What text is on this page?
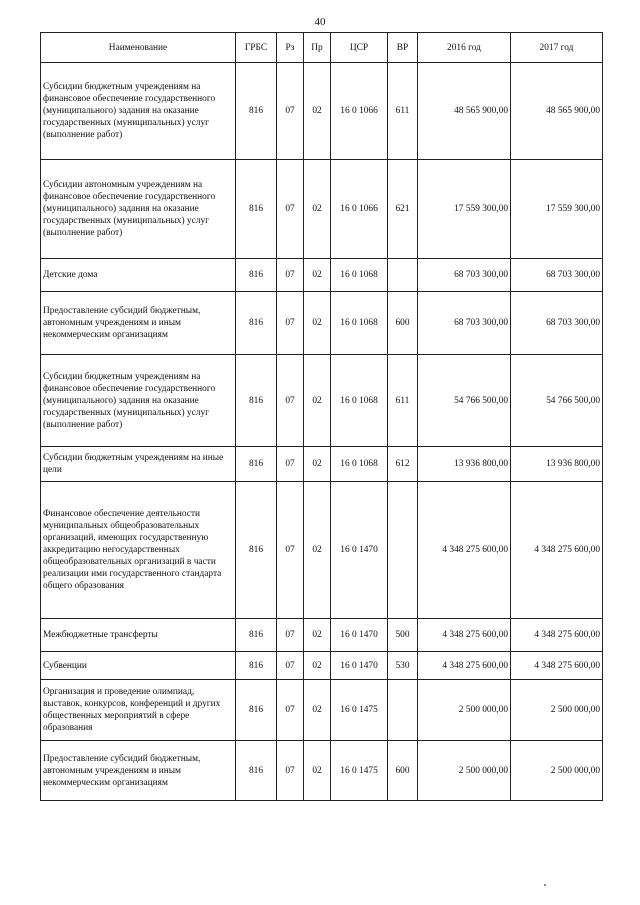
40
Наименование	ГРБС	Рз	Пр	ЦСР	ВР	2016 год	2017 год
Субсидии бюджетным учреждениям на финансовое обеспечение государственного (муниципального) задания на оказание государственных (муниципальных) услуг (выполнение работ)	816	07	02	16 0 1066	611	48 565 900,00	48 565 900,00
Субсидии автономным учреждениям на финансовое обеспечение государственного (муниципального) задания на оказание государственных (муниципальных) услуг (выполнение работ)	816	07	02	16 0 1066	621	17 559 300,00	17 559 300,00
Детские дома	816	07	02	16 0 1068		68 703 300,00	68 703 300,00
Предоставление субсидий бюджетным, автономным учреждениям и иным некоммерческим организациям	816	07	02	16 0 1068	600	68 703 300,00	68 703 300,00
Субсидии бюджетным учреждениям на финансовое обеспечение государственного (муниципального) задания на оказание государственных (муниципальных) услуг (выполнение работ)	816	07	02	16 0 1068	611	54 766 500,00	54 766 500,00
Субсидии бюджетным учреждениям на иные цели	816	07	02	16 0 1068	612	13 936 800,00	13 936 800,00
Финансовое обеспечение деятельности муниципальных общеобразовательных организаций, имеющих государственную аккредитацию негосударственных общеобразовательных организаций в части реализации ими государственного стандарта общего образования	816	07	02	16 0 1470		4 348 275 600,00	4 348 275 600,00
Межбюджетные трансферты	816	07	02	16 0 1470	500	4 348 275 600,00	4 348 275 600,00
Субвенции	816	07	02	16 0 1470	530	4 348 275 600,00	4 348 275 600,00
Организация и проведение олимпиад, выставок, конкурсов, конференций и других общественных мероприятий в сфере образования	816	07	02	16 0 1475		2 500 000,00	2 500 000,00
Предоставление субсидий бюджетным, автономным учреждениям и иным некоммерческим организациям	816	07	02	16 0 1475	600	2 500 000,00	2 500 000,00
